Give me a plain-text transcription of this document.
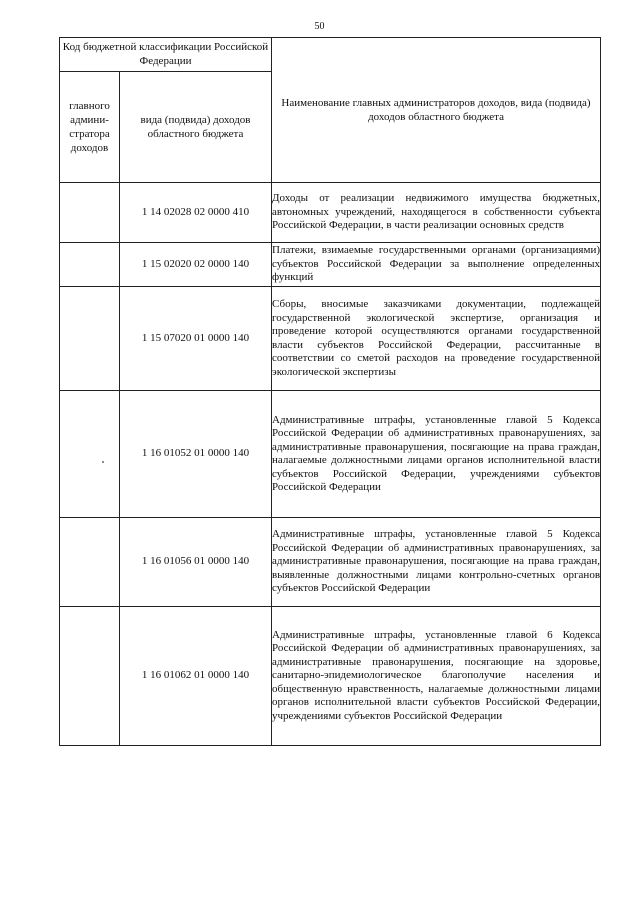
50
Код бюджетной классификации Российской Федерации		Наименование главных администраторов доходов, вида (подвида) доходов областного бюджета

главного
админи-
стратора
доходов	вида (подвида) доходов областного бюджета	
	1 14 02028 02 0000 410	Доходы от реализации недвижимого имущества бюджетных, автономных учреждений, находящегося в собственности субъекта Российской Федерации, в части реализации основных средств
	1 15 02020 02 0000 140	Платежи, взимаемые государственными органами (организациями) субъектов Российской Федерации за выполнение определенных функций
	1 15 07020 01 0000 140	Сборы, вносимые заказчиками документации, подлежащей государственной экологической экспертизе, организация и проведение которой осуществляются органами государственной власти субъектов Российской Федерации, рассчитанные в соответствии со сметой расходов на проведение государственной экологической экспертизы
	1 16 01052 01 0000 140	Административные штрафы, установленные главой 5 Кодекса Российской Федерации об административных правонарушениях, за административные правонарушения, посягающие на права граждан, налагаемые должностными лицами органов исполнительной власти субъектов Российской Федерации, учреждениями субъектов Российской Федерации
	1 16 01056 01 0000 140	Административные штрафы, установленные главой 5 Кодекса Российской Федерации об административных правонарушениях, за административные правонарушения, посягающие на права граждан, выявленные должностными лицами контрольно-счетных органов субъектов Российской Федерации
	1 16 01062 01 0000 140	Административные штрафы, установленные главой 6 Кодекса Российской Федерации об административных правонарушениях, за административные правонарушения, посягающие на здоровье, санитарно-эпидемиологическое благополучие населения и общественную нравственность, налагаемые должностными лицами органов исполнительной власти субъектов Российской Федерации, учреждениями субъектов Российской Федерации
